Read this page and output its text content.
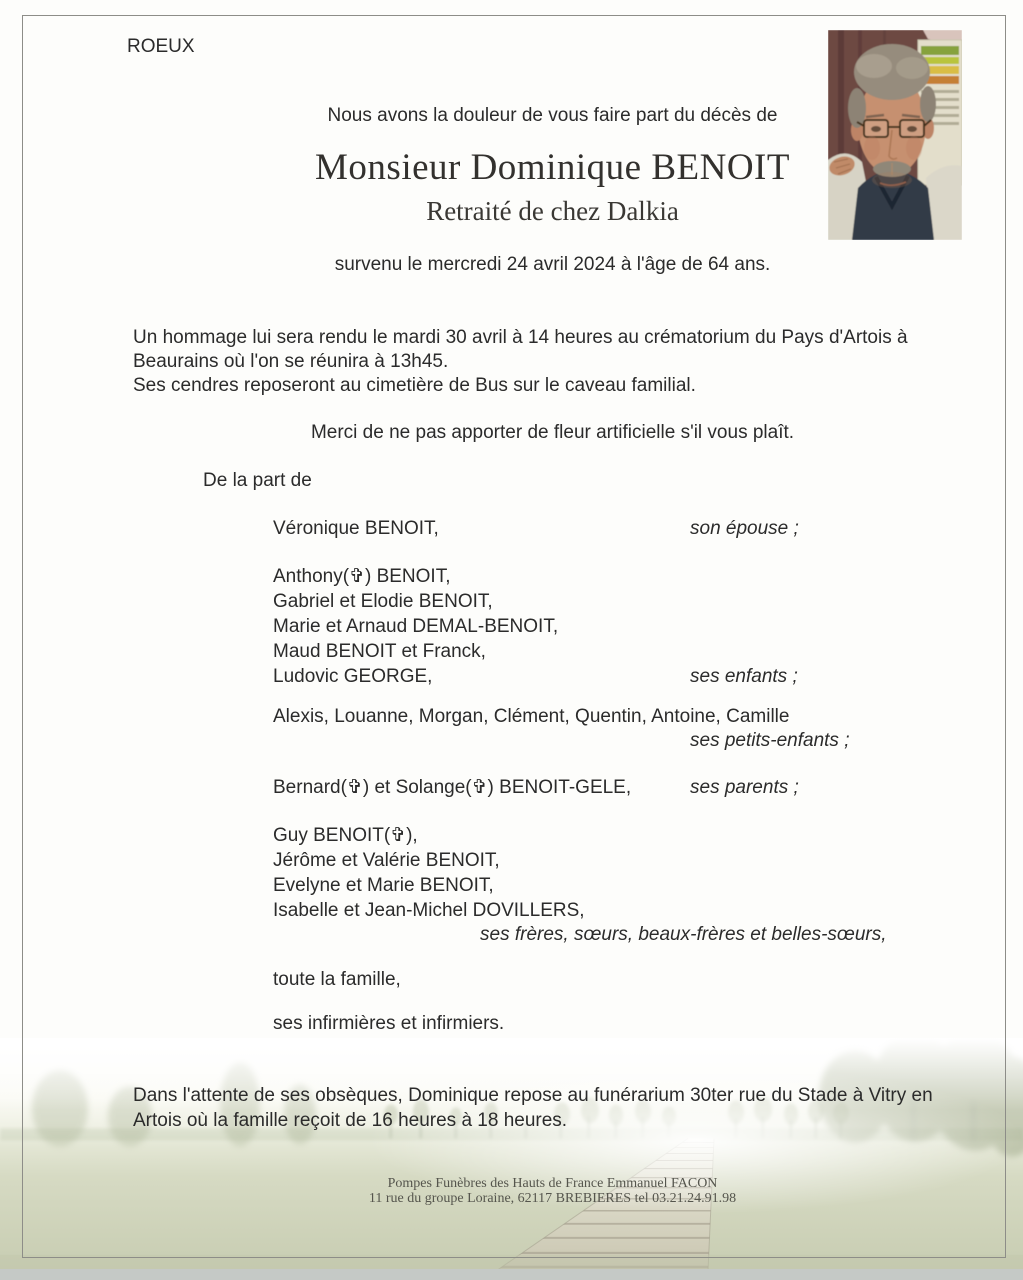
ROEUX
Nous avons la douleur de vous faire part du décès de
Monsieur Dominique BENOIT
Retraité de chez Dalkia
survenu le mercredi 24 avril 2024 à l'âge de 64 ans.
Un hommage lui sera rendu le mardi 30 avril à 14 heures au crématorium du Pays d'Artois à
Beaurains où l'on se réunira à 13h45.
Ses cendres reposeront au cimetière de Bus sur le caveau familial.
Merci de ne pas apporter de fleur artificielle s'il vous plaît.
De la part de
Véronique BENOIT,	son épouse ;
Anthony(✞) BENOIT,
Gabriel et Elodie BENOIT,
Marie et Arnaud DEMAL-BENOIT,
Maud BENOIT et Franck,
Ludovic GEORGE,	ses enfants ;
Alexis, Louanne, Morgan, Clément, Quentin, Antoine, Camille
ses petits-enfants ;
Bernard(✞) et Solange(✞) BENOIT-GELE,	ses parents ;
Guy BENOIT(✞),
Jérôme et Valérie BENOIT,
Evelyne et Marie BENOIT,
Isabelle et Jean-Michel DOVILLERS,
ses frères, sœurs, beaux-frères et belles-sœurs,
toute la famille,
ses infirmières et infirmiers.
Dans l'attente de ses obsèques, Dominique repose au funérarium 30ter rue du Stade à Vitry en
Artois où la famille reçoit de 16 heures à 18 heures.
Pompes Funèbres des Hauts de France Emmanuel FACON
11 rue du groupe Loraine, 62117 BREBIERES tel 03.21.24.91.98
